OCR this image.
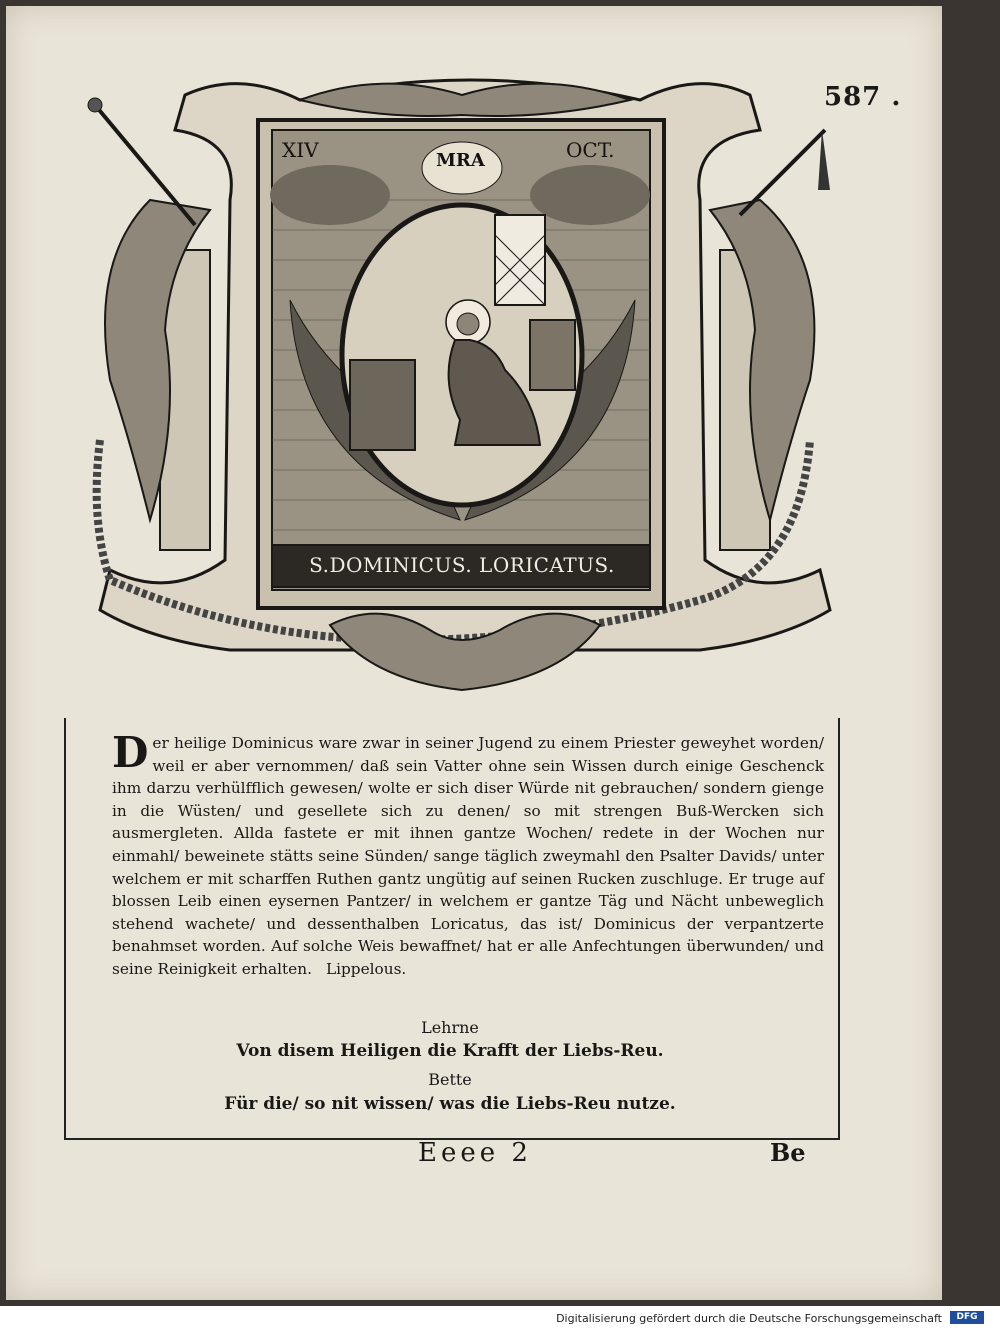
587 .
XIV	MRA	OCT.
S.DOMINICUS. LORICATUS.
Der heilige Dominicus ware zwar in seiner Jugend zu einem Priester geweyhet worden/ weil er aber vernommen/ daß sein Vatter ohne sein Wissen durch einige Geschenck ihm darzu verhülfflich gewesen/ wolte er sich diser Würde nit gebrauchen/ sondern gienge in die Wüsten/ und gesellete sich zu denen/ so mit strengen Buß-Wercken sich ausmergleten. Allda fastete er mit ihnen gantze Wochen/ redete in der Wochen nur einmahl/ beweinete stätts seine Sünden/ sange täglich zweymahl den Psalter Davids/ unter welchem er mit scharffen Ruthen gantz ungütig auf seinen Rucken zuschluge. Er truge auf blossen Leib einen eysernen Pantzer/ in welchem er gantze Täg und Nächt unbeweglich stehend wachete/ und dessenthalben Loricatus, das ist/ Dominicus der verpantzerte benahmset worden. Auf solche Weis bewaffnet/ hat er alle Anfechtungen überwunden/ und seine Reinigkeit erhalten. Lippelous.
Lehrne
Von disem Heiligen die Krafft der Liebs-Reu.
Bette
Für die/ so nit wissen/ was die Liebs-Reu nutze.
Eeee 2	Be
Digitalisierung gefördert durch die Deutsche Forschungsgemeinschaft	DFG
